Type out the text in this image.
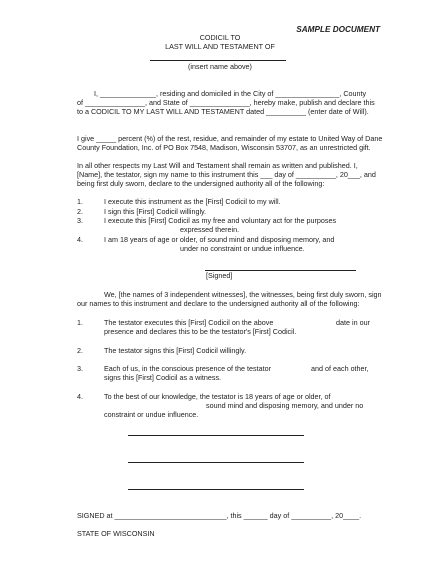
SAMPLE DOCUMENT
CODICIL TO
LAST WILL AND TESTAMENT OF
(insert name above)
I, ______________, residing and domiciled in the City of ________________, County
of _______________, and State of _______________, hereby make, publish and declare this
to a CODICIL TO MY LAST WILL AND TESTAMENT dated __________ (enter date of Will).
I give _____ percent (%) of the rest, residue, and remainder of my estate to United Way of Dane
County Foundation, Inc. of PO Box 7548, Madison, Wisconsin 53707, as an unrestricted gift.
In all other respects my Last Will and Testament shall remain as written and published. I,
[Name], the testator, sign my name to this instrument this ___ day of __________, 20___, and
being first duly sworn, declare to the undersigned authority all of the following:
1.	I execute this instrument as the [First] Codicil to my will.
2.	I sign this [First] Codicil willingly.
3.	I execute this [First] Codicil as my free and voluntary act for the purposes
expressed therein.
4.	I am 18 years of age or older, of sound mind and disposing memory, and
under no constraint or undue influence.
[Signed]
We, [the names of 3 independent witnesses], the witnesses, being first duly sworn, sign
our names to this instrument and declare to the undersigned authority all of the following:
1.	The testator executes this [First] Codicil on the above	date in our
presence and declares this to be the testator's [First] Codicil.
2.	The testator signs this [First] Codicil willingly.
3.	Each of us, in the conscious presence of the testator	and of each other,
signs this [First] Codicil as a witness.
4.	To the best of our knowledge, the testator is 18 years of age or older, of
sound mind and disposing memory, and under no
constraint or undue influence.
SIGNED at ____________________________, this ______ day of __________, 20____.
STATE OF WISCONSIN
